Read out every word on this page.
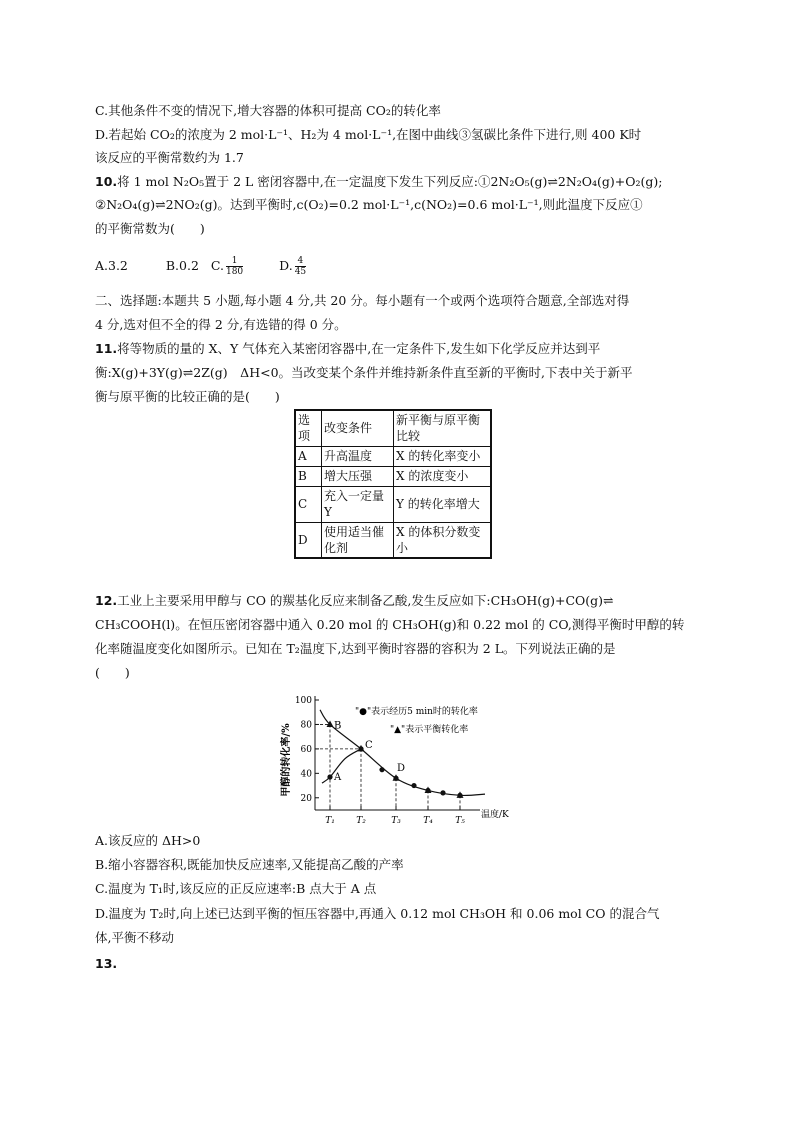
C.其他条件不变的情况下,增大容器的体积可提高 CO₂的转化率
D.若起始 CO₂的浓度为 2 mol·L⁻¹、H₂为 4 mol·L⁻¹,在图中曲线③氢碳比条件下进行,则 400 K时
该反应的平衡常数约为 1.7
10.将 1 mol N₂O₅置于 2 L 密闭容器中,在一定温度下发生下列反应:①2N₂O₅(g)⇌2N₂O₄(g)+O₂(g);
②N₂O₄(g)⇌2NO₂(g)。达到平衡时,c(O₂)=0.2 mol·L⁻¹,c(NO₂)=0.6 mol·L⁻¹,则此温度下反应①
的平衡常数为(　　)
A.3.2	B.0.2 C. $\frac{1}{180}$	D. $\frac{4}{45}$
二、选择题:本题共 5 小题,每小题 4 分,共 20 分。每小题有一个或两个选项符合题意,全部选对得
4 分,选对但不全的得 2 分,有选错的得 0 分。
11.将等物质的量的 X、Y 气体充入某密闭容器中,在一定条件下,发生如下化学反应并达到平
衡:X(g)+3Y(g)⇌2Z(g)　ΔH<0。当改变某个条件并维持新条件直至新的平衡时,下表中关于新平
衡与原平衡的比较正确的是(　　)
选项	改变条件	新平衡与原平衡比较
A	升高温度	X 的转化率变小
B	增大压强	X 的浓度变小
C	充入一定量 Y	Y 的转化率增大
D	使用适当催化剂	X 的体积分数变小
12.工业上主要采用甲醇与 CO 的羰基化反应来制备乙酸,发生反应如下:CH₃OH(g)+CO(g)⇌
CH₃COOH(l)。在恒压密闭容器中通入 0.20 mol 的 CH₃OH(g)和 0.22 mol 的 CO,测得平衡时甲醇的转
化率随温度变化如图所示。已知在 T₂温度下,达到平衡时容器的容积为 2 L。下列说法正确的是
(　　)
甲醇的转化率/%
20
40
60
80
100
T₁ T₂	T₃ T₄ T₅
A
B
C
D
"●"表示经历5 min时的转化率
"▲"表示平衡转化率
温度/K
A.该反应的 ΔH>0
B.缩小容器容积,既能加快反应速率,又能提高乙酸的产率
C.温度为 T₁时,该反应的正反应速率:B 点大于 A 点
D.温度为 T₂时,向上述已达到平衡的恒压容器中,再通入 0.12 mol CH₃OH 和 0.06 mol CO 的混合气
体,平衡不移动
13.
